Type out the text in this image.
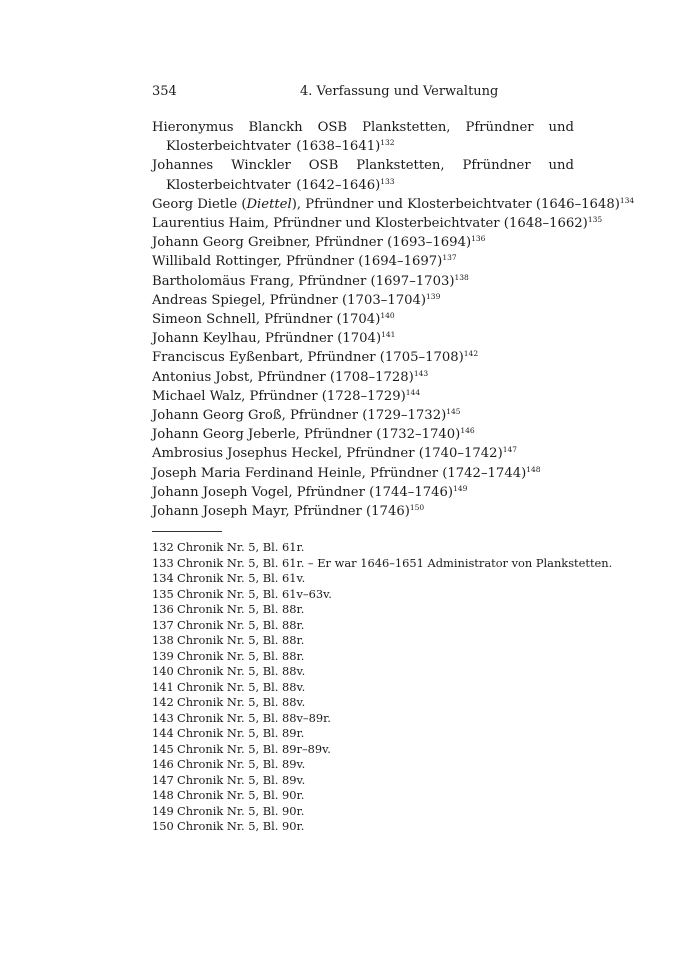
354	4. Verfassung und Verwaltung
Hieronymus Blanckh OSB Plankstetten, Pfründner und Klosterbeichtvater (1638–1641)$^{132}$
Johannes Winckler OSB Plankstetten, Pfründner und Klosterbeichtvater (1642–1646)$^{133}$
Georg Dietle (Diettel), Pfründner und Klosterbeichtvater (1646–1648)$^{134}$
Laurentius Haim, Pfründner und Klosterbeichtvater (1648–1662)$^{135}$
Johann Georg Greibner, Pfründner (1693–1694)$^{136}$
Willibald Rottinger, Pfründner (1694–1697)$^{137}$
Bartholomäus Frang, Pfründner (1697–1703)$^{138}$
Andreas Spiegel, Pfründner (1703–1704)$^{139}$
Simeon Schnell, Pfründner $(1704)^{140}$
Johann Keylhau, Pfründner $(1704)^{141}$
Franciscus Eyßenbart, Pfründner (1705–1708)$^{142}$
Antonius Jobst, Pfründner (1708–1728)$^{143}$
Michael Walz, Pfründner (1728–1729)$^{144}$
Johann Georg Groß, Pfründner (1729–1732)$^{145}$
Johann Georg Jeberle, Pfründner (1732–1740)$^{146}$
Ambrosius Josephus Heckel, Pfründner (1740–1742)$^{147}$
Joseph Maria Ferdinand Heinle, Pfründner (1742–1744)$^{148}$
Johann Joseph Vogel, Pfründner (1744–1746)$^{149}$
Johann Joseph Mayr, Pfründner $(1746)^{150}$
132 Chronik Nr. 5, Bl. 61r.
133 Chronik Nr. 5, Bl. 61r. – Er war 1646–1651 Administrator von Plankstetten.
134 Chronik Nr. 5, Bl. 61v.
135 Chronik Nr. 5, Bl. 61v–63v.
136 Chronik Nr. 5, Bl. 88r.
137 Chronik Nr. 5, Bl. 88r.
138 Chronik Nr. 5, Bl. 88r.
139 Chronik Nr. 5, Bl. 88r.
140 Chronik Nr. 5, Bl. 88v.
141 Chronik Nr. 5, Bl. 88v.
142 Chronik Nr. 5, Bl. 88v.
143 Chronik Nr. 5, Bl. 88v–89r.
144 Chronik Nr. 5, Bl. 89r.
145 Chronik Nr. 5, Bl. 89r–89v.
146 Chronik Nr. 5, Bl. 89v.
147 Chronik Nr. 5, Bl. 89v.
148 Chronik Nr. 5, Bl. 90r.
149 Chronik Nr. 5, Bl. 90r.
150 Chronik Nr. 5, Bl. 90r.
